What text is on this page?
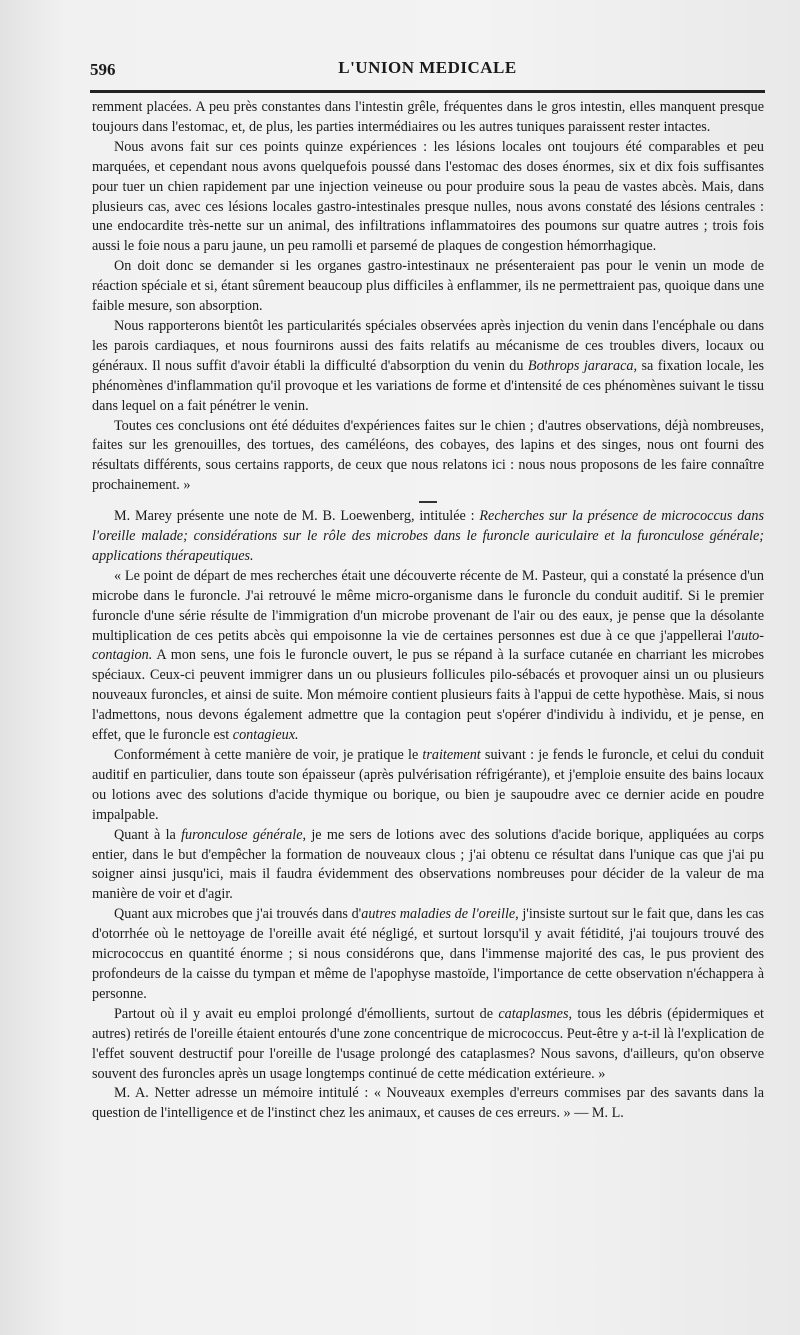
596	L'UNION MEDICALE

remment placées. A peu près constantes dans l'intestin grêle, fréquentes dans le gros intestin, elles manquent presque toujours dans l'estomac, et, de plus, les parties intermédiaires ou les autres tuniques paraissent rester intactes.

Nous avons fait sur ces points quinze expériences : les lésions locales ont toujours été comparables et peu marquées, et cependant nous avons quelquefois poussé dans l'estomac des doses énormes, six et dix fois suffisantes pour tuer un chien rapidement par une injection veineuse ou pour produire sous la peau de vastes abcès. Mais, dans plusieurs cas, avec ces lésions locales gastro-intestinales presque nulles, nous avons constaté des lésions centrales : une endocardite très-nette sur un animal, des infiltrations inflammatoires des poumons sur quatre autres ; trois fois aussi le foie nous a paru jaune, un peu ramolli et parsemé de plaques de congestion hémorrhagique.

On doit donc se demander si les organes gastro-intestinaux ne présenteraient pas pour le venin un mode de réaction spéciale et si, étant sûrement beaucoup plus difficiles à enflammer, ils ne permettraient pas, quoique dans une faible mesure, son absorption.

Nous rapporterons bientôt les particularités spéciales observées après injection du venin dans l'encéphale ou dans les parois cardiaques, et nous fournirons aussi des faits relatifs au mécanisme de ces troubles divers, locaux ou généraux. Il nous suffit d'avoir établi la difficulté d'absorption du venin du Bothrops jararaca, sa fixation locale, les phénomènes d'inflammation qu'il provoque et les variations de forme et d'intensité de ces phénomènes suivant le tissu dans lequel on a fait pénétrer le venin.

Toutes ces conclusions ont été déduites d'expériences faites sur le chien ; d'autres observations, déjà nombreuses, faites sur les grenouilles, des tortues, des caméléons, des cobayes, des lapins et des singes, nous ont fourni des résultats différents, sous certains rapports, de ceux que nous relatons ici : nous nous proposons de les faire connaître prochainement. »

M. Marey présente une note de M. B. Loewenberg, intitulée : Recherches sur la présence de micrococcus dans l'oreille malade; considérations sur le rôle des microbes dans le furoncle auriculaire et la furonculose générale; applications thérapeutiques.

« Le point de départ de mes recherches était une découverte récente de M. Pasteur, qui a constaté la présence d'un microbe dans le furoncle. J'ai retrouvé le même micro-organisme dans le furoncle du conduit auditif. Si le premier furoncle d'une série résulte de l'immigration d'un microbe provenant de l'air ou des eaux, je pense que la désolante multiplication de ces petits abcès qui empoisonne la vie de certaines personnes est due à ce que j'appellerai l'auto-contagion. A mon sens, une fois le furoncle ouvert, le pus se répand à la surface cutanée en charriant les microbes spéciaux. Ceux-ci peuvent immigrer dans un ou plusieurs follicules pilo-sébacés et provoquer ainsi un ou plusieurs nouveaux furoncles, et ainsi de suite. Mon mémoire contient plusieurs faits à l'appui de cette hypothèse. Mais, si nous l'admettons, nous devons également admettre que la contagion peut s'opérer d'individu à individu, et je pense, en effet, que le furoncle est contagieux.

Conformément à cette manière de voir, je pratique le traitement suivant : je fends le furoncle, et celui du conduit auditif en particulier, dans toute son épaisseur (après pulvérisation réfrigérante), et j'emploie ensuite des bains locaux ou lotions avec des solutions d'acide thymique ou borique, ou bien je saupoudre avec ce dernier acide en poudre impalpable.

Quant à la furonculose générale, je me sers de lotions avec des solutions d'acide borique, appliquées au corps entier, dans le but d'empêcher la formation de nouveaux clous ; j'ai obtenu ce résultat dans l'unique cas que j'ai pu soigner ainsi jusqu'ici, mais il faudra évidemment des observations nombreuses pour décider de la valeur de ma manière de voir et d'agir.

Quant aux microbes que j'ai trouvés dans d'autres maladies de l'oreille, j'insiste surtout sur le fait que, dans les cas d'otorrhée où le nettoyage de l'oreille avait été négligé, et surtout lorsqu'il y avait fétidité, j'ai toujours trouvé des micrococcus en quantité énorme ; si nous considérons que, dans l'immense majorité des cas, le pus provient des profondeurs de la caisse du tympan et même de l'apophyse mastoïde, l'importance de cette observation n'échappera à personne.

Partout où il y avait eu emploi prolongé d'émollients, surtout de cataplasmes, tous les débris (épidermiques et autres) retirés de l'oreille étaient entourés d'une zone concentrique de micrococcus. Peut-être y a-t-il là l'explication de l'effet souvent destructif pour l'oreille de l'usage prolongé des cataplasmes? Nous savons, d'ailleurs, qu'on observe souvent des furoncles après un usage longtemps continué de cette médication extérieure. »

M. A. Netter adresse un mémoire intitulé : « Nouveaux exemples d'erreurs commises par des savants dans la question de l'intelligence et de l'instinct chez les animaux, et causes de ces erreurs. » — M. L.
